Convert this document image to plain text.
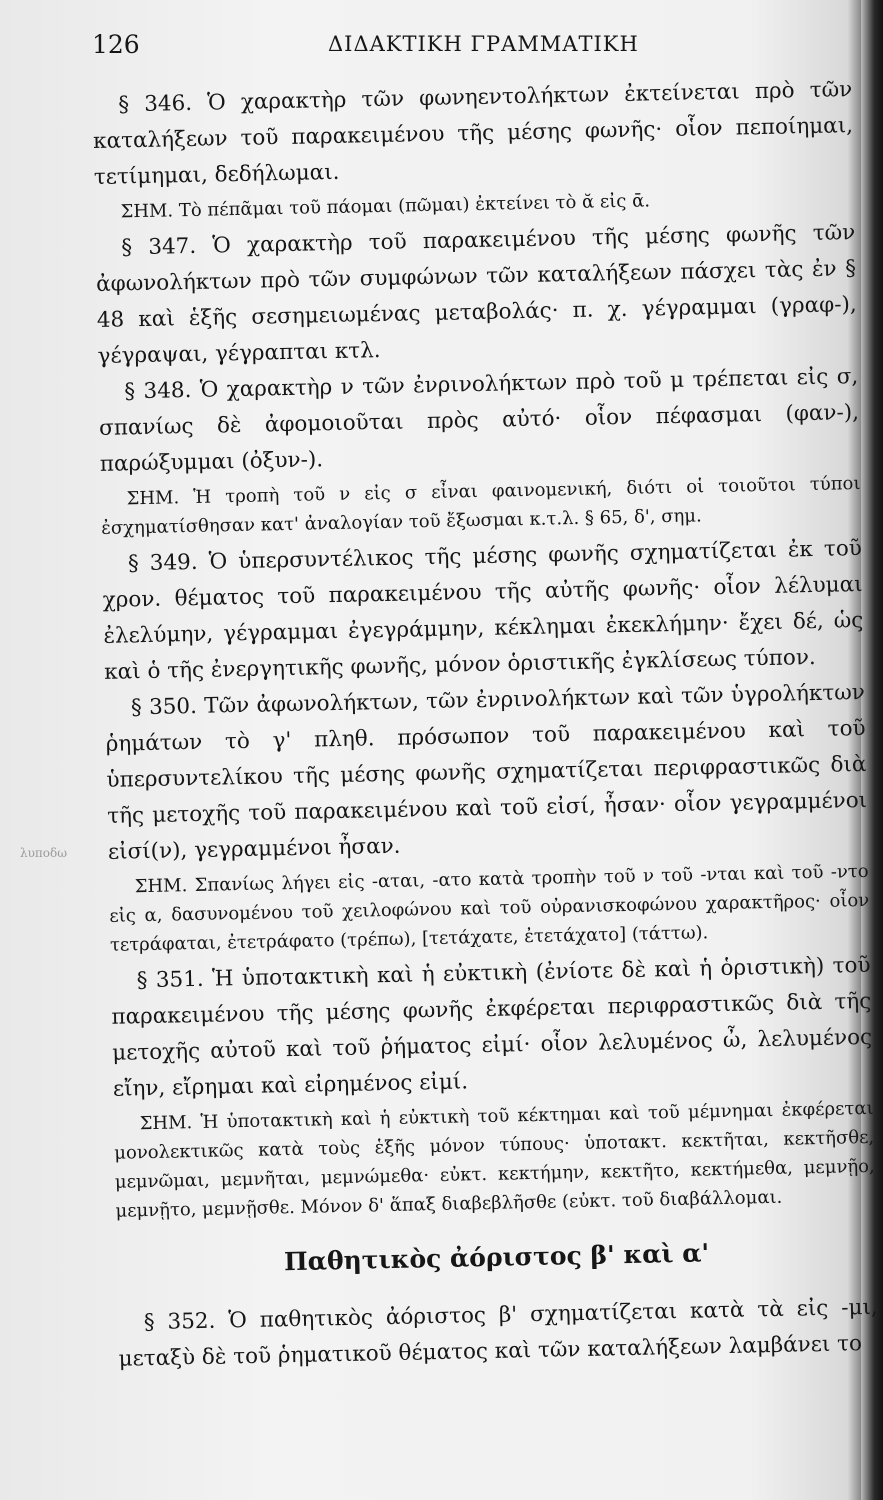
126	ΔΙΔΑΚΤΙΚΗ ΓΡΑΜΜΑΤΙΚΗ
λυποδω

§ 346. Ὁ χαρακτὴρ τῶν φωνηεντολήκτων ἐκτείνεται πρὸ τῶν καταλήξεων τοῦ παρακειμένου τῆς μέσης φωνῆς· οἷον πεποίημαι, τετίμημαι, δεδήλωμαι.

ΣΗΜ. Τὸ πέπᾶμαι τοῦ πάομαι (πῶμαι) ἐκτείνει τὸ ᾰ εἰς ᾱ.

§ 347. Ὁ χαρακτὴρ τοῦ παρακειμένου τῆς μέσης φωνῆς τῶν ἀφωνολήκτων πρὸ τῶν συμφώνων τῶν καταλήξεων πάσχει τὰς ἐν § 48 καὶ ἑξῆς σεσημειωμένας μεταβολάς· π. χ. γέγραμμαι (γραφ-), γέγραψαι, γέγραπται κτλ.

§ 348. Ὁ χαρακτὴρ ν τῶν ἐνρινολήκτων πρὸ τοῦ μ τρέπεται εἰς σ, σπανίως δὲ ἀφομοιοῦται πρὸς αὐτό· οἷον πέφασμαι (φαν-), παρώξυμμαι (ὀξυν-).

ΣΗΜ. Ἡ τροπὴ τοῦ ν εἰς σ εἶναι φαινομενική, διότι οἱ τοιοῦτοι τύποι ἐσχηματίσθησαν κατ' ἀναλογίαν τοῦ ἔξωσμαι κ.τ.λ. § 65, δ', σημ.

§ 349. Ὁ ὑπερσυντέλικος τῆς μέσης φωνῆς σχηματίζεται ἐκ τοῦ χρον. θέματος τοῦ παρακειμένου τῆς αὐτῆς φωνῆς· οἷον λέλυμαι ἐλελύμην, γέγραμμαι ἐγεγράμμην, κέκλημαι ἐκεκλήμην· ἔχει δέ, ὡς καὶ ὁ τῆς ἐνεργητικῆς φωνῆς, μόνον ὁριστικῆς ἐγκλίσεως τύπον.

§ 350. Τῶν ἀφωνολήκτων, τῶν ἐνρινολήκτων καὶ τῶν ὑγρολήκτων ῥημάτων τὸ γ' πληθ. πρόσωπον τοῦ παρακειμένου καὶ τοῦ ὑπερσυντελίκου τῆς μέσης φωνῆς σχηματίζεται περιφραστικῶς διὰ τῆς μετοχῆς τοῦ παρακειμένου καὶ τοῦ εἰσί, ἦσαν· οἷον γεγραμμένοι εἰσί(ν), γεγραμμένοι ἦσαν.

ΣΗΜ. Σπανίως λήγει εἰς -αται, -ατο κατὰ τροπὴν τοῦ ν τοῦ -νται καὶ τοῦ -ντο εἰς α, δασυνομένου τοῦ χειλοφώνου καὶ τοῦ οὐρανισκοφώνου χαρακτῆρος· οἷον τετράφαται, ἐτετράφατο (τρέπω), [τετάχατε, ἐτετάχατο] (τάττω).

§ 351. Ἡ ὑποτακτικὴ καὶ ἡ εὐκτικὴ (ἐνίοτε δὲ καὶ ἡ ὁριστικὴ) τοῦ παρακειμένου τῆς μέσης φωνῆς ἐκφέρεται περιφραστικῶς διὰ τῆς μετοχῆς αὐτοῦ καὶ τοῦ ῥήματος εἰμί· οἷον λελυμένος ὦ, λελυμένος εἴην, εἴρημαι καὶ εἰρημένος εἰμί.

ΣΗΜ. Ἡ ὑποτακτικὴ καὶ ἡ εὐκτικὴ τοῦ κέκτημαι καὶ τοῦ μέμνημαι ἐκφέρεται μονολεκτικῶς κατὰ τοὺς ἑξῆς μόνον τύπους· ὑποτακτ. κεκτῆται, κεκτῆσθε, μεμνῶμαι, μεμνῆται, μεμνώμεθα· εὐκτ. κεκτήμην, κεκτῆτο, κεκτήμεθα, μεμνῇο, μεμνῇτο, μεμνῇσθε. Μόνον δ' ἅπαξ διαβεβλῆσθε (εὐκτ. τοῦ διαβάλλομαι.

Παθητικὸς ἀόριστος β' καὶ α'

§ 352. Ὁ παθητικὸς ἀόριστος β' σχηματίζεται κατὰ τὰ εἰς -μι, μεταξὺ δὲ τοῦ ῥηματικοῦ θέματος καὶ τῶν καταλήξεων λαμβάνει το
